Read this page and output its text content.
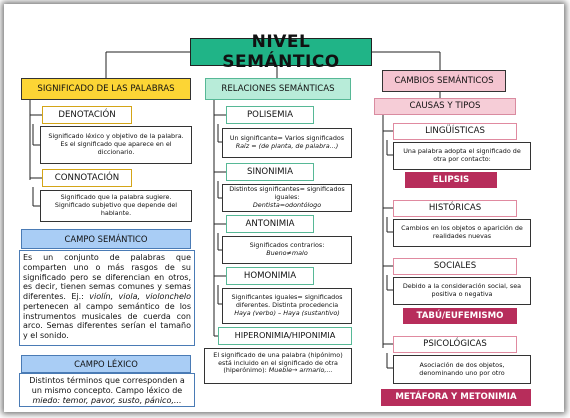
NIVEL SEMÁNTICO
SIGNIFICADO DE LAS PALABRAS
DENOTACIÓN
Significado léxico y objetivo de la palabra. Es el significado que aparece en el diccionario.
CONNOTACIÓN
Significado que la palabra sugiere. Significado subjetivo que depende del hablante.
CAMPO SEMÁNTICO
Es un conjunto de palabras que comparten uno o más rasgos de su significado pero se diferencian en otros, es decir, tienen semas comunes y semas diferentes. Ej.: violín, viola, violonchelo pertenecen al campo semántico de los instrumentos musicales de cuerda con arco. Semas diferentes serían el tamaño y el sonido.
CAMPO LÉXICO
Distintos términos que corresponden a un mismo concepto. Campo léxico de miedo: temor, pavor, susto, pánico,...
RELACIONES SEMÁNTICAS
POLISEMIA
Un significante= Varios significados
Raíz = (de planta, de palabra...)
SINONIMIA
Distintos significantes= significados iguales:
Dentista=odontólogo
ANTONIMIA
Significados contrarios:
Bueno≠malo
HOMONIMIA
Significantes iguales= significados diferentes. Distinta procedencia
Haya (verbo) – Haya (sustantivo)
HIPERONIMIA/HIPONIMIA
El significado de una palabra (hipónimo) está incluido en el significado de otra (hiperónimo): Mueble→ armario,...
CAMBIOS SEMÁNTICOS
CAUSAS Y TIPOS
LINGÜÍSTICAS
Una palabra adopta el significado de otra por contacto:
ELIPSIS
HISTÓRICAS
Cambios en los objetos o aparición de realidades nuevas
SOCIALES
Debido a la consideración social, sea positiva o negativa
TABÚ/EUFEMISMO
PSICOLÓGICAS
Asociación de dos objetos, denominando uno por otro
METÁFORA Y METONIMIA
